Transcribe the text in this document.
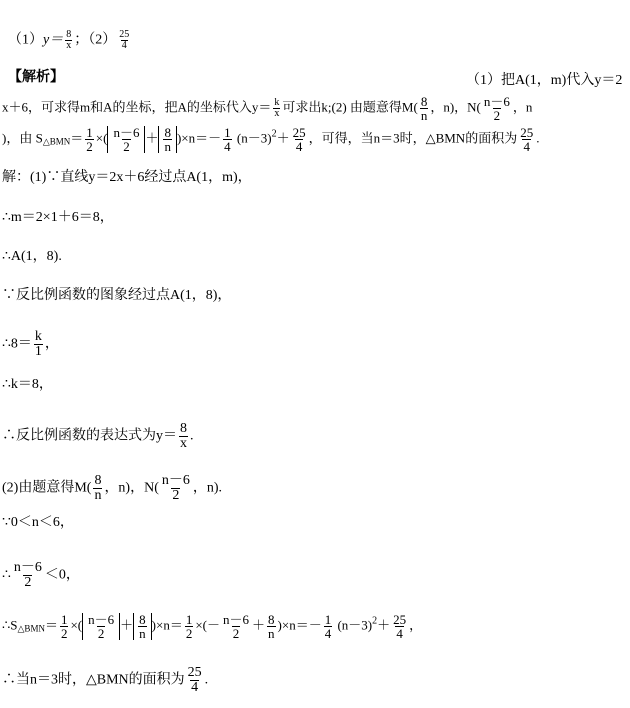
$(1)y= \frac{8}{x}$ ；$(2) \frac{25}{4}$
【解析】	（1）把A(1，m)代入y＝2
x＋6，可求得m和A的坐标，把A的坐标代入$y= \frac{k}{x}$ 可求出k;(2) 由题意得$M( \frac{8}{n}$ ，n)，$N( \frac{n-6}{2}$ ，n
)，由 $S_{\triangle BMN}= \frac{1}{2}$ ×( $\frac{n-6}{2} + \frac{8}{n} )\times n=- \frac{1}{4} (n-3)^2+ \frac{25}{4}$ ，可得，当n＝3时，△BMN的面积为 $\frac{25}{4}$ .
解：(1)∵直线y＝2x＋6经过点A(1，m)，
∴m＝2×1＋6＝8，
∴A(1，8).
∵反比例函数的图象经过点A(1，8)，
∴8＝ $\frac{k}{1}$ ，
∴k＝8，
∴反比例函数的表达式为$y= \frac{8}{x}$ .
(2)由题意得$M( \frac{8}{n}$ ，n)，$N( \frac{n-6}{2}$ ，n).
∵0＜n＜6，
∴ $\frac{n-6}{2} <0$，
$\therefore S_{\triangle BMN}= \frac{1}{2}$ ×( $\frac{n-6}{2} + \frac{8}{n} )\times n= \frac{1}{2}$ ×(－ $\frac{n-6}{2} + \frac{8}{n} )\times n=- \frac{1}{4} (n-3)^2+ \frac{25}{4}$ ，
∴当n＝3时，△BMN的面积为 $\frac{25}{4}$ .
